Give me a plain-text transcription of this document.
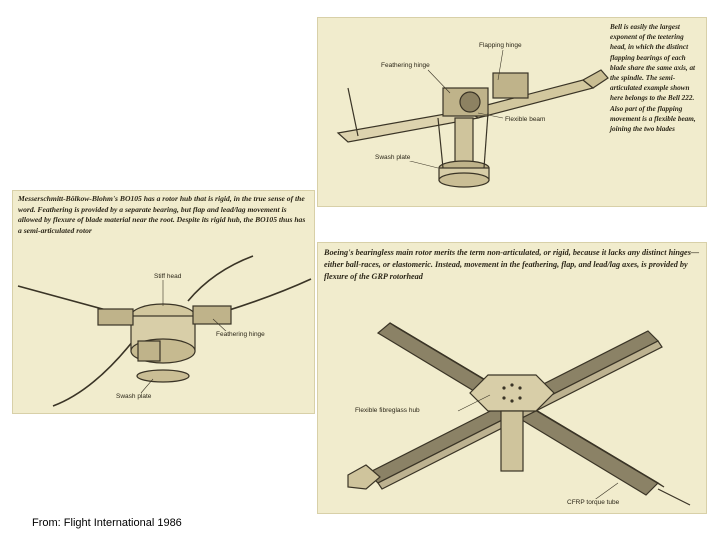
Flapping hinge
Feathering hinge
Flexible beam
Swash plate
Bell is easily the largest exponent of the teetering head, in which the distinct flapping bearings of each blade share the same axis, at the spindle. The semi-articulated example shown here belongs to the Bell 222. Also part of the flapping movement is a flexible beam, joining the two blades
Messerschmitt-Bölkow-Blohm's BO105 has a rotor hub that is rigid, in the true sense of the word. Feathering is provided by a separate bearing, but flap and lead/lag movement is allowed by flexure of blade material near the root. Despite its rigid hub, the BO105 thus has a semi-articulated rotor
Stiff head
Feathering hinge
Swash plate
Boeing's bearingless main rotor merits the term non-articulated, or rigid, because it lacks any distinct hinges—either ball-races, or elastomeric. Instead, movement in the feathering, flap, and lead/lag axes, is provided by flexure of the GRP rotorhead
Flexible fibreglass hub
CFRP torque tube
From: Flight International 1986
